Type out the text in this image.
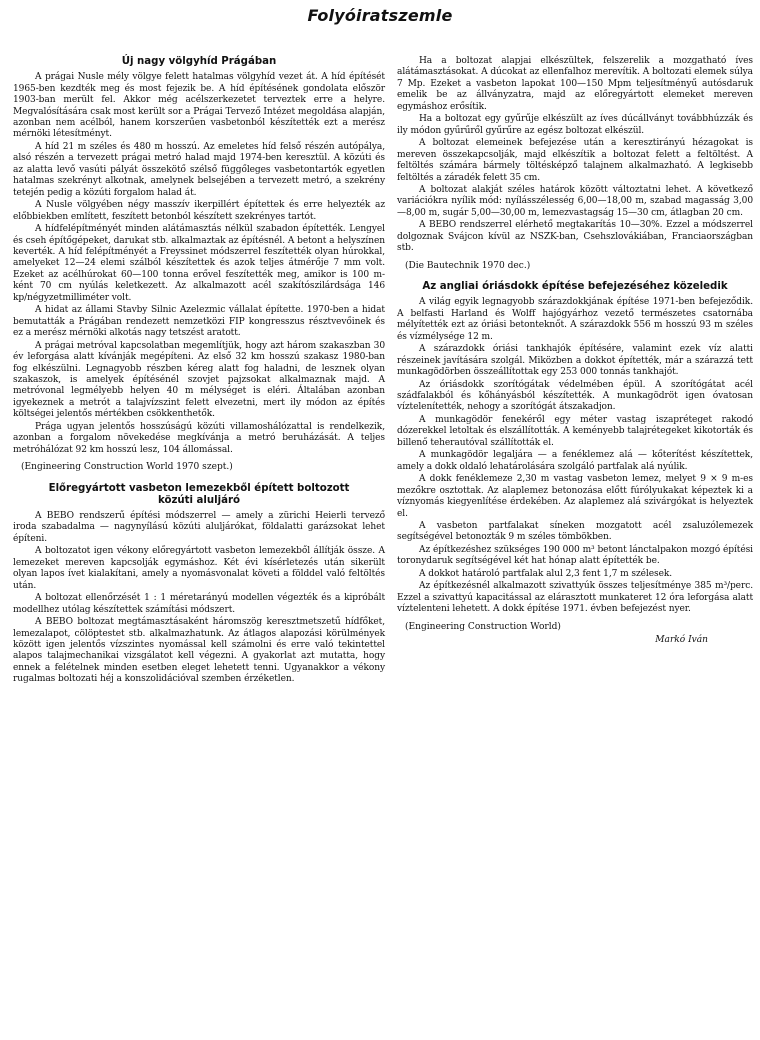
Folyóiratszemle
Új nagy völgyhíd Prágában

A prágai Nusle mély völgye felett hatalmas völgyhíd vezet át. A híd építését 1965-ben kezdték meg és most fejezik be. A híd építésének gondolata először 1903-ban merült fel. Akkor még acélszerkezetet terveztek erre a helyre. Megvalósítására csak most került sor a Prágai Tervező Intézet megoldása alapján, azonban nem acélból, hanem korszerűen vasbetonból készítették ezt a merész mérnöki létesítményt.

A híd 21 m széles és 480 m hosszú. Az emeletes híd felső részén autópálya, alsó részén a tervezett prágai metró halad majd 1974-ben keresztül. A közúti és az alatta levő vasúti pályát összekötő szélső függőleges vasbetontartók egyetlen hatalmas szekrényt alkotnak, amelynek belsejében a tervezett metró, a szekrény tetején pedig a közúti forgalom halad át.

A Nusle völgyében négy masszív ikerpillért építettek és erre helyezték az előbbiekben említett, feszített betonból készített szekrényes tartót.

A hídfelépítményét minden alátámasztás nélkül szabadon építették. Lengyel és cseh építőgépeket, darukat stb. alkalmaztak az építésnél. A betont a helyszínen keverték. A híd felépítményét a Freyssinet módszerrel feszítették olyan húrokkal, amelyeket 12—24 elemi szálból készítettek és azok teljes átmérője 7 mm volt. Ezeket az acélhúrokat 60—100 tonna erővel feszítették meg, amikor is 100 m-ként 70 cm nyúlás keletkezett. Az alkalmazott acél szakítószilárdsága 146 kp/négyzetmilliméter volt.

A hidat az állami Stavby Silnic Azelezmic vállalat építette. 1970-ben a hidat bemutatták a Prágában rendezett nemzetközi FIP kongresszus résztvevőinek és ez a merész mérnöki alkotás nagy tetszést aratott.

A prágai metróval kapcsolatban megemlítjük, hogy azt három szakaszban 30 év leforgása alatt kívánják megépíteni. Az első 32 km hosszú szakasz 1980-ban fog elkészülni. Legnagyobb részben kéreg alatt fog haladni, de lesznek olyan szakaszok, is amelyek építésénél szovjet pajzsokat alkalmaznak majd. A metróvonal legmélyebb helyen 40 m mélységet is eléri. Általában azonban igyekeznek a metrót a talajvízszint felett elvezetni, mert ily módon az építés költségei jelentős mértékben csökkenthetők.

Prága ugyan jelentős hosszúságú közúti villamoshálózattal is rendelkezik, azonban a forgalom növekedése megkívánja a metró beruházását. A teljes metróhálózat 92 km hosszú lesz, 104 állomással.

(Engineering Construction World 1970 szept.)
Előregyártott vasbeton lemezekből épített boltozott
közúti aluljáró

A BEBO rendszerű építési módszerrel — amely a zürichi Heierli tervező iroda szabadalma — nagynyílású közúti aluljárókat, földalatti garázsokat lehet építeni.

A boltozatot igen vékony előregyártott vasbeton lemezekből állítják össze. A lemezeket mereven kapcsolják egymáshoz. Két évi kísérletezés után sikerült olyan lapos ívet kialakítani, amely a nyomásvonalat követi a földdel való feltöltés után.

A boltozat ellenőrzését 1 : 1 méretarányú modellen végezték és a kipróbált modellhez utólag készítettek számítási módszert.

A BEBO boltozat megtámasztásaként háromszög keresztmetszetű hídfőket, lemezalapot, cölöptestet stb. alkalmazhatunk. Az átlagos alapozási körülmények között igen jelentős vízszintes nyomással kell számolni és erre való tekintettel alapos talajmechanikai vizsgálatot kell végezni. A gyakorlat azt mutatta, hogy ennek a felételnek minden esetben eleget lehetett tenni. Ugyanakkor a vékony rugalmas boltozati héj a konszolidációval szemben érzéketlen.

Ha a boltozat alapjai elkészültek, felszerelik a mozgatható íves alátámasztásokat. A dúcokat az ellenfalhoz merevítik. A boltozati elemek súlya 7 Mp. Ezeket a vasbeton lapokat 100—150 Mpm teljesítményű autósdaruk emelik be az állványzatra, majd az előregyártott elemeket mereven egymáshoz erősítik.

Ha a boltozat egy gyűrűje elkészült az íves dúcállványt továbbhúzzák és ily módon gyűrűről gyűrűre az egész boltozat elkészül.

A boltozat elemeinek befejezése után a keresztirányú hézagokat is mereven összekapcsolják, majd elkészítik a boltozat felett a feltöltést. A feltöltés számára bármely töltésképző talajnem alkalmazható. A legkisebb feltöltés a záradék felett 35 cm.

A boltozat alakját széles határok között változtatni lehet. A következő variációkra nyílik mód: nyílásszélesség 6,00—18,00 m, szabad magasság 3,00—8,00 m, sugár 5,00—30,00 m, lemezvastagság 15—30 cm, átlagban 20 cm.

A BEBO rendszerrel elérhető megtakarítás 10—30%. Ezzel a módszerrel dolgoznak Svájcon kívül az NSZK-ban, Csehszlovákiában, Franciaországban stb.

(Die Bautechnik 1970 dec.)
Az angliai óriásdokk építése befejezéséhez közeledik

A világ egyik legnagyobb szárazdokkjának építése 1971-ben befejeződik. A belfasti Harland és Wolff hajógyárhoz vezető természetes csatornába mélyítették ezt az óriási betonteknőt. A szárazdokk 556 m hosszú 93 m széles és vízmélysége 12 m.

A szárazdokk óriási tankhajók építésére, valamint ezek víz alatti részeinek javítására szolgál. Miközben a dokkot építették, már a szárazzá tett munkagödörben összeállítottak egy 253 000 tonnás tankhajót.

Az óriásdokk szorítógátak védelmében épül. A szorítógátat acél szádfalakból és kőhányásból készítették. A munkagödröt igen óvatosan víztelenítették, nehogy a szorítógát átszakadjon.

A munkagödör fenekéről egy méter vastag iszapréteget rakodó dózerekkel letoltak és elszállították. A keményebb talajrétegeket kikotorták és billenő teherautóval szállították el.

A munkagödör legaljára — a fenéklemez alá — kőterítést készítettek, amely a dokk oldaló lehatárolására szolgáló partfalak alá nyúlik.

A dokk fenéklemeze 2,30 m vastag vasbeton lemez, melyet 9 × 9 m-es mezőkre osztottak. Az alaplemez betonozása előtt fúrólyukakat képeztek ki a víznyomás kiegyenlítése érdekében. Az alaplemez alá szivárgókat is helyeztek el.

A vasbeton partfalakat síneken mozgatott acél zsaluzólemezek segítségével betonozták 9 m széles tömbökben.

Az építkezéshez szükséges 190 000 m³ betont lánctalpakon mozgó építési toronydaruk segítségével két hat hónap alatt építették be.

A dokkot határoló partfalak alul 2,3 fent 1,7 m szélesek.

Az építkezésnél alkalmazott szivattyúk összes teljesítménye 385 m³/perc. Ezzel a szivattyú kapacitással az elárasztott munkateret 12 óra leforgása alatt víztelenteni lehetett. A dokk építése 1971. évben befejezést nyer.

(Engineering Construction World)
Markó Iván
